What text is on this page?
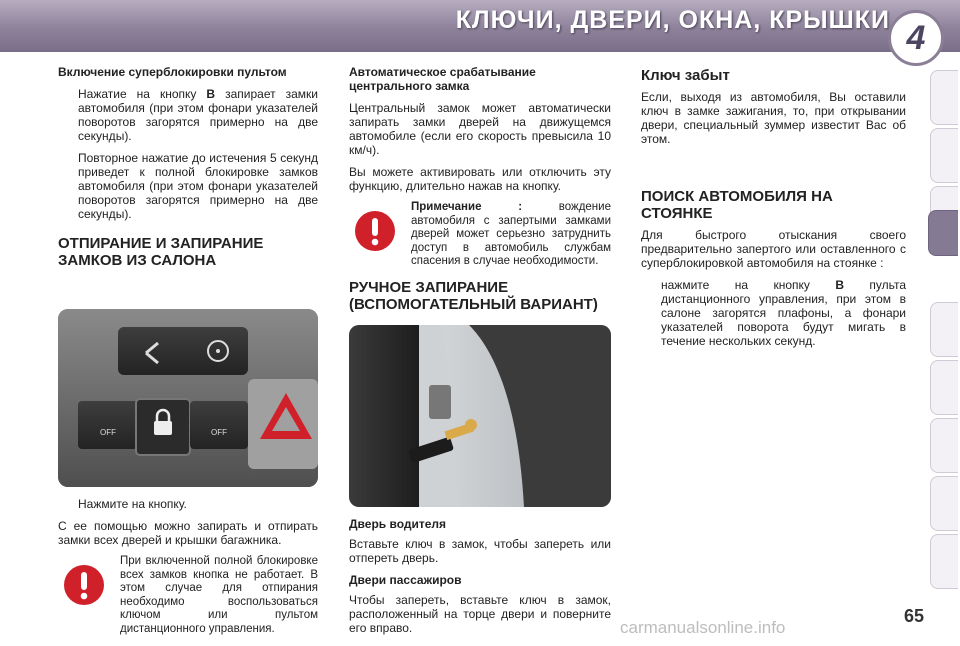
КЛЮЧИ, ДВЕРИ, ОКНА, КРЫШКИ 4
Включение суперблокировки пультом
Нажатие на кнопку B запирает замки автомобиля (при этом фонари указателей поворотов загорятся примерно на две секунды).
Повторное нажатие до истечения 5 секунд приведет к полной блокировке замков автомобиля (при этом фонари указателей поворотов загорятся примерно на две секунды).
ОТПИРАНИЕ И ЗАПИРАНИЕ ЗАМКОВ ИЗ САЛОНА
OFF	OFF
Нажмите на кнопку.

С ее помощью можно запирать и отпирать замки всех дверей и крышки багажника.

При включенной полной блокировке всех замков кнопка не работает. В этом случае для отпирания необходимо воспользоваться ключом или пультом дистанционного управления.
Автоматическое срабатывание центрального замка

Центральный замок может автоматически запирать замки дверей на движущемся автомобиле (если его скорость превысила 10 км/ч).

Вы можете активировать или отключить эту функцию, длительно нажав на кнопку.

Примечание : вождение автомобиля с запертыми замками дверей может серьезно затруднить доступ в автомобиль службам спасения в случае необходимости.
РУЧНОЕ ЗАПИРАНИЕ (ВСПОМОГАТЕЛЬНЫЙ ВАРИАНТ)
Дверь водителя

Вставьте ключ в замок, чтобы запереть или отпереть дверь.

Двери пассажиров

Чтобы запереть, вставьте ключ в замок, расположенный на торце двери и поверните его вправо.

Ключ забыт

Если, выходя из автомобиля, Вы оставили ключ в замке зажигания, то, при открывании двери, специальный зуммер известит Вас об этом.

ПОИСК АВТОМОБИЛЯ НА СТОЯНКЕ

Для быстрого отыскания своего предварительно запертого или оставленного с суперблокировкой автомобиля на стоянке :

нажмите на кнопку B пульта дистанционного управления, при этом в салоне загорятся плафоны, а фонари указателей поворота будут мигать в течение нескольких секунд.
65
carmanualsonline.info
